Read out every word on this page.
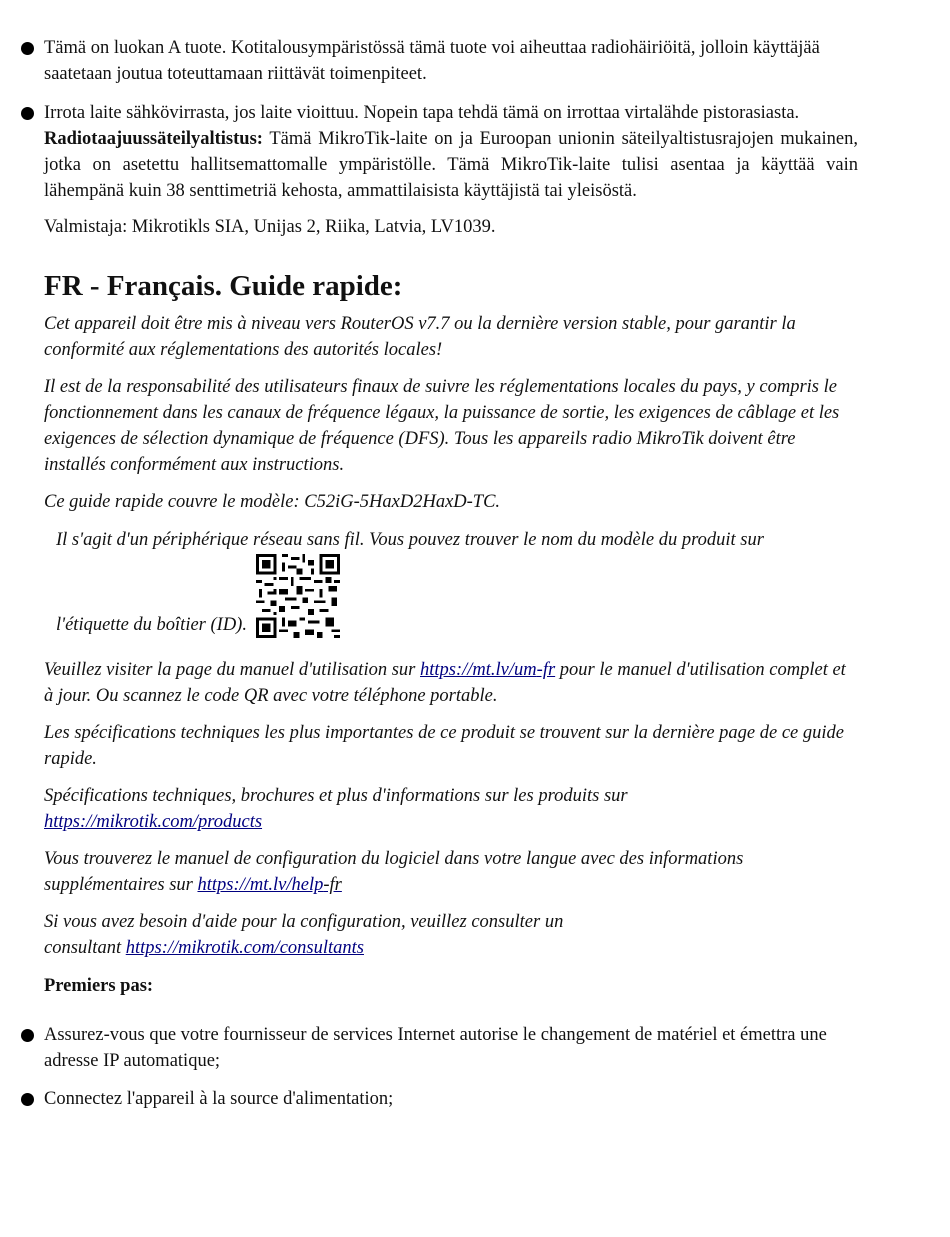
Tämä on luokan A tuote. Kotitalousympäristössä tämä tuote voi aiheuttaa radiohäiriöitä, jolloin käyttäjää saatetaan joutua toteuttamaan riittävät toimenpiteet.
Irrota laite sähkövirrasta, jos laite vioittuu. Nopein tapa tehdä tämä on irrottaa virtalähde pistorasiasta.
Radiotaajuussäteilyaltistus: Tämä MikroTik-laite on ja Euroopan unionin säteilyaltistusrajojen mukainen, jotka on asetettu hallitsemattomalle ympäristölle. Tämä MikroTik-laite tulisi asentaa ja käyttää vain lähempänä kuin 38 senttimetriä kehosta, ammattilaisista käyttäjistä tai yleisöstä.
Valmistaja: Mikrotikls SIA, Unijas 2, Riika, Latvia, LV1039.
FR - Français. Guide rapide:
Cet appareil doit être mis à niveau vers RouterOS v7.7 ou la dernière version stable, pour garantir la conformité aux réglementations des autorités locales!
Il est de la responsabilité des utilisateurs finaux de suivre les réglementations locales du pays, y compris le fonctionnement dans les canaux de fréquence légaux, la puissance de sortie, les exigences de câblage et les exigences de sélection dynamique de fréquence (DFS). Tous les appareils radio MikroTik doivent être installés conformément aux instructions.
Ce guide rapide couvre le modèle: C52iG-5HaxD2HaxD-TC.
Il s'agit d'un périphérique réseau sans fil. Vous pouvez trouver le nom du modèle du produit sur
l'étiquette du boîtier (ID).
Veuillez visiter la page du manuel d'utilisation sur https://mt.lv/um-fr pour le manuel d'utilisation complet et à jour. Ou scannez le code QR avec votre téléphone portable.
Les spécifications techniques les plus importantes de ce produit se trouvent sur la dernière page de ce guide rapide.
Spécifications techniques, brochures et plus d'informations sur les produits sur https://mikrotik.com/products
Vous trouverez le manuel de configuration du logiciel dans votre langue avec des informations supplémentaires sur https://mt.lv/help-fr
Si vous avez besoin d'aide pour la configuration, veuillez consulter un consultant https://mikrotik.com/consultants
Premiers pas:
Assurez-vous que votre fournisseur de services Internet autorise le changement de matériel et émettra une adresse IP automatique;
Connectez l'appareil à la source d'alimentation;
